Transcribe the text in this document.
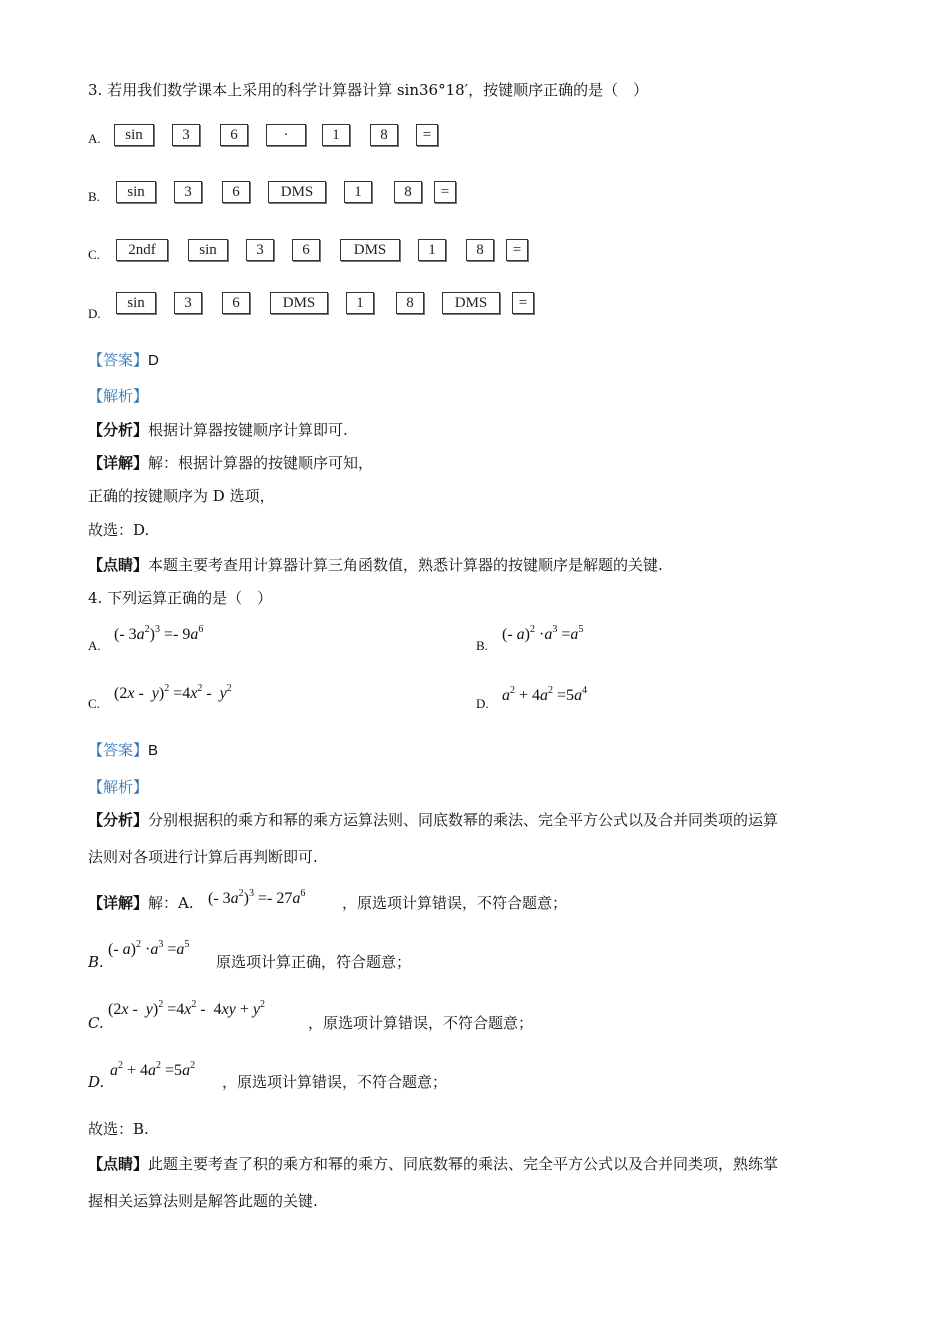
3. 若用我们数学课本上采用的科学计算器计算 sin36°18′，按键顺序正确的是（　）
A.	sin	3	6	·	1	8	=
B.	sin	3	6	DMS	1	8	=
C.	2ndf	sin	3	6	DMS	1	8	=
D.
sin	3	6	DMS	1	8	DMS	=
【答案】D
【解析】
【分析】根据计算器按键顺序计算即可.
【详解】解：根据计算器的按键顺序可知，
正确的按键顺序为 D 选项，
故选：D.
【点睛】本题主要考查用计算器计算三角函数值，熟悉计算器的按键顺序是解题的关键.
4. 下列运算正确的是（　）
A.
(- $3a^2)^3 =- 9a^6$
B.
(- $a)^2 \cdot a^3 =a^5$
C.
$(2x - y)^2 =4x^2 - y^2$
D. $a^2 + 4a^2 =5a^4$
【答案】B
【解析】
【分析】分别根据积的乘方和幂的乘方运算法则、同底数幂的乘法、完全平方公式以及合并同类项的运算
法则对各项进行计算后再判断即可.
【详解】解：A. (- $3a^2)^3 =- 27a^6$
，原选项计算错误，不符合题意；
B.
(- $a)^2 \cdot a^3 =a^5$
原选项计算正确，符合题意；
C.
$(2x - y)^2 =4x^2 - 4xy + y^2$
，原选项计算错误，不符合题意；
D.
$a^2 + 4a^2 =5a^2$
，原选项计算错误，不符合题意；
故选：B.
【点睛】此题主要考查了积的乘方和幂的乘方、同底数幂的乘法、完全平方公式以及合并同类项，熟练掌
握相关运算法则是解答此题的关键.
